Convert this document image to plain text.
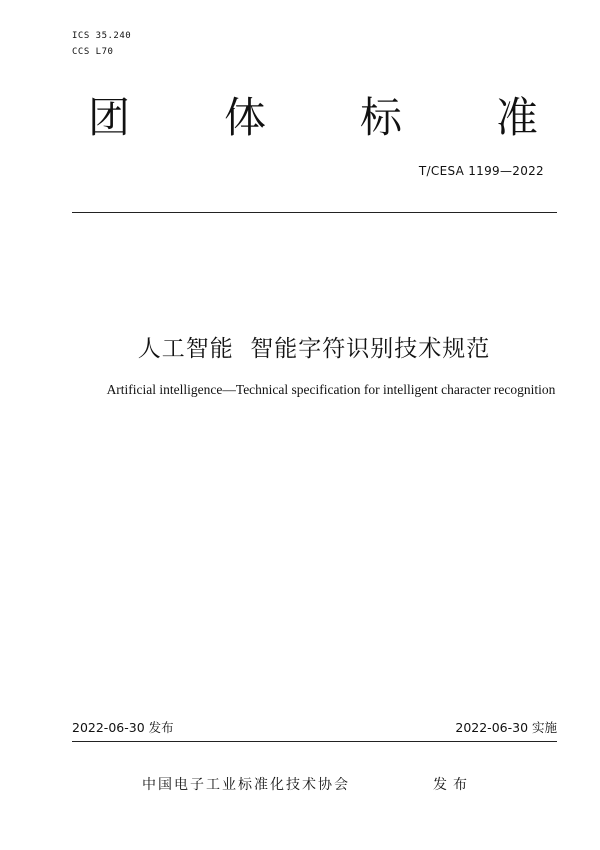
ICS 35.240
CCS L70
团 体 标 准
T/CESA 1199—2022
人工智能  智能字符识别技术规范
Artificial intelligence—Technical specification for intelligent character recognition
2022-06-30 发布	2022-06-30 实施
中国电子工业标准化技术协会	发布
